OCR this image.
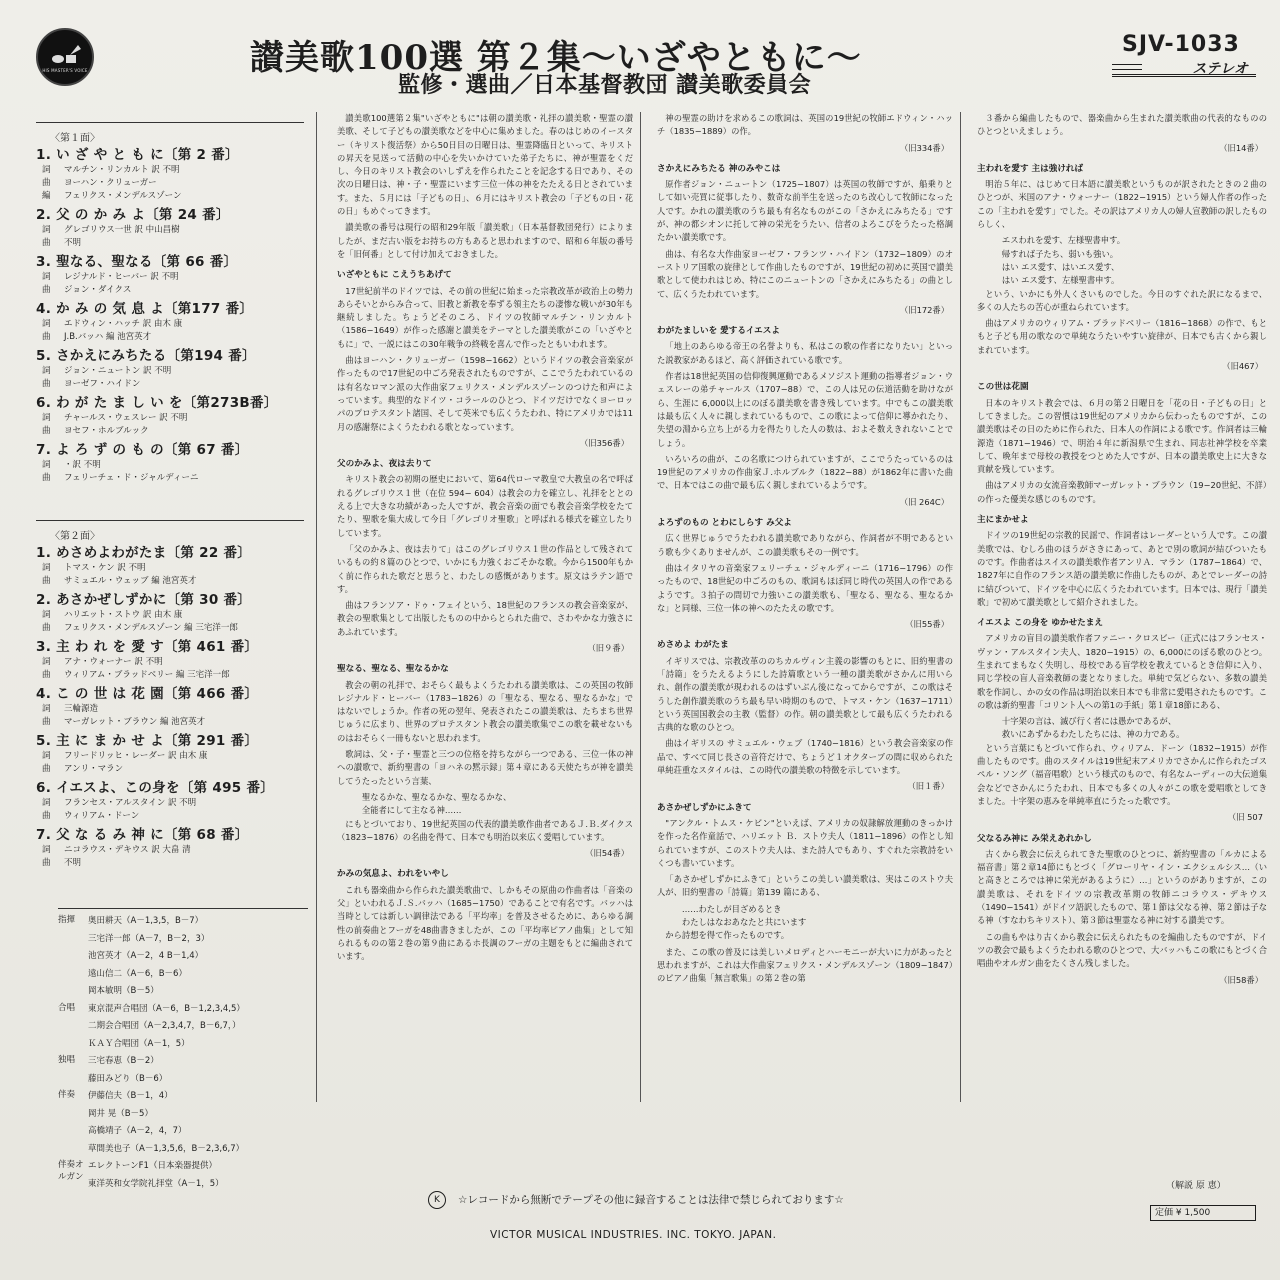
HIS MASTER'S VOICE	讃美歌100選 第２集〜いざやともに〜
監修・選曲／日本基督教団 讃美歌委員会
SJV-1033
ステレオ
〈第１面〉
1. い ざ や と も に〔第 2 番〕
詞 マルチン・リンカルト 訳 不明
曲 ヨーハン・クリューガー
編 フェリクス・メンデルスゾーン
2. 父 の か み よ〔第 24 番〕
詞 グレゴリウス一世 訳 中山昌樹
曲 不明
3. 聖なる、聖なる〔第 66 番〕
詞 レジナルド・ヒーバー 訳 不明
曲 ジョン・ダイクス
4. か み の 気 息 よ〔第177 番〕
詞 エドウィン・ハッチ 訳 由木 康
曲 J.B.バッハ 編 池宮英才
5. さかえにみちたる〔第194 番〕
詞 ジョン・ニュートン 訳 不明
曲 ヨーゼフ・ハイドン
6. わ が た ま し い を〔第273B番〕
詞 チャールス・ウェスレー 訳 不明
曲 ヨセフ・ホルブルック
7. よ ろ ず の も の〔第 67 番〕
詞 ・訳 不明
曲 フェリーチェ・ド・ジャルディーニ
〈第２面〉
1. めさめよわがたま〔第 22 番〕
詞 トマス・ケン 訳 不明
曲 サミュエル・ウェッブ 編 池宮英才
2. あさかぜしずかに〔第 30 番〕
詞 ハリエット・ストウ 訳 由木 康
曲 フェリクス・メンデルスゾーン 編 三宅洋一郎
3. 主 わ れ を 愛 す〔第 461 番〕
詞 アナ・ウォーナー 訳 不明
曲 ウィリアム・ブラッドベリー 編 三宅洋一郎
4. こ の 世 は 花 園〔第 466 番〕
詞 三輪源造
曲 マーガレット・ブラウン 編 池宮英才
5. 主 に ま か せ よ〔第 291 番〕
詞 フリードリッヒ・レーダー 訳 由木 康
曲 アンリ・マラン
6. イエスよ、この身を〔第 495 番〕
詞 フランセス・アルスタイン 訳 不明
曲 ウィリアム・ドーン
7. 父 な る み 神 に〔第 68 番〕
詞 ニコラウス・デキウス 訳 大畠 清
曲 不明
指揮	奥田耕天（A－1,3,5，B－7）
三宅洋一郎（A－7，B－2，3）
池宮英才（A－2，4 B－1,4）
遠山信二（A－6，B－6）
岡本敏明（B－5）
合唱	東京混声合唱団（A－6，B－1,2,3,4,5）
二期会合唱団（A－2,3,4,7，B－6,7，）
ＫＡＹ合唱団（A－1，5）
独唱	三宅春恵（B－2）
藤田みどり（B－6）
伴奏	伊藤信夫（B－1，4）
岡井 晃（B－5）
高橋靖子（A－2，4，7）
草間美也子（A－1,3,5,6，B－2,3,6,7）
伴奏オルガン
エレクトーンF1（日本楽器提供）
東洋英和女学院礼拝堂（A－1，5）

讃美歌100選第２集"いざやともに"は朝の讃美歌・礼拝の讃美歌・聖霊の讃美歌、そして子どもの讃美歌などを中心に集めました。春のはじめのイースター（キリスト復活祭）から50日目の日曜日は、聖霊降臨日といって、キリストの昇天を見送って活動の中心を失いかけていた弟子たちに、神が聖霊をくだし、今日のキリスト教会のいしずえを作られたことを記念する日であり、その次の日曜日は、神・子・聖霊にいます三位一体の神をたたえる日とされています。また、５月には「子どもの日」、６月にはキリスト教会の「子どもの日・花の日」もめぐってきます。

讃美歌の番号は現行の昭和29年版「讃美歌」（日本基督教団発行）によりましたが、まだ古い版をお持ちの方もあると思われますので、昭和６年版の番号を「旧何番」として付け加えておきました。

いざやともに こえうちあげて

17世紀前半のドイツでは、その前の世紀に始まった宗教改革が政治上の勢力あらそいとからみ合って、旧教と新教を奉ずる領主たちの凄惨な戦いが30年も継続しました。ちょうどそのころ、ドイツの牧師マルチン・リンカルト（1586−1649）が作った感謝と讃美をテーマとした讃美歌がこの「いざやともに」で、一説にはこの30年戦争の終戦を喜んで作ったともいわれます。

曲はヨーハン・クリューガー（1598−1662）というドイツの教会音楽家が作ったもので17世紀の中ごろ発表されたものですが、ここでうたわれているのは有名なロマン派の大作曲家フェリクス・メンデルスゾーンのつけた和声によっています。典型的なドイツ・コラールのひとつ、ドイツだけでなくヨーロッパのプロテスタント諸国、そして英米でも広くうたわれ、特にアメリカでは11月の感謝祭によくうたわれる歌となっています。

（旧356番）
父のかみよ、夜は去りて

キリスト教会の初期の歴史において、第64代ローマ教皇で大教皇の名で呼ばれるグレゴリウス１世（在位 594− 604）は教会の力を確立し、礼拝をととのえる上で大きな功績があった人ですが、教会音楽の面でも教会音楽学校をたてたり、聖歌を集大成して今日「グレゴリオ聖歌」と呼ばれる様式を確立したりしています。

「父のかみよ、夜は去りて」はこのグレゴリウス１世の作品として残されているもの約８篇のひとつで、いかにも力強くおごそかな歌。今から1500年もかく前に作られた歌だと思うと、わたしの感慨があります。原文はラテン語です。

曲はフランソア・ドゥ・フェイという、18世紀のフランスの教会音楽家が、教会の聖歌集として出版したものの中からとられた曲で、さわやかな力強さにあふれています。

（旧９番）
聖なる、聖なる、聖なるかな

教会の朝の礼拝で、おそらく最もよくうたわれる讃美歌は、この英国の牧師レジナルド・ヒーバー（1783−1826）の「聖なる、聖なる、聖なるかな」ではないでしょうか。作者の死の翌年、発表されたこの讃美歌は、たちまち世界じゅうに広まり、世界のプロテスタント教会の讃美歌集でこの歌を載せないものはおそらく一冊もないと思われます。

歌詞は、父・子・聖霊と三つの位格を持ちながら一つである、三位一体の神への讃歌で、新約聖書の「ヨハネの黙示録」第４章にある天使たちが神を讃美してうたったという言葉、

聖なるかな、聖なるかな、聖なるかな、

全能者にして主なる神……

にもとづいており、19世紀英国の代表的讃美歌作曲者であるＪ.Ｂ.ダイクス（1823−1876）の名曲を得て、日本でも明治以来広く愛唱しています。

（旧54番）
かみの気息よ、われをいやし

これも器楽曲から作られた讃美歌曲で、しかもその原曲の作曲者は「音楽の父」といわれるＪ.Ｓ.バッハ（1685−1750）であることで有名です。バッハは当時としては新しい調律法である「平均率」を普及させるために、あらゆる調性の前奏曲とフーガを48曲書きましたが、この「平均率ピアノ曲集」として知られるものの第２巻の第９曲にあるホ長調のフーガの主題をもとに編曲されています。

神の聖霊の助けを求めるこの歌詞は、英国の19世紀の牧師エドウィン・ハッチ（1835−1889）の作。

（旧334番）
さかえにみちたる 神のみやこは

原作者ジョン・ニュートン（1725−1807）は英国の牧師ですが、船乗りとして如い売買に従事したり、数奇な前半生を送ったのち改心して牧師になった人です。かれの讃美歌のうち最も有名なものがこの「さかえにみちたる」ですが、神の都シオンに托して神の栄光をうたい、信者のよろこびをうたった格調たかい讃美歌です。

曲は、有名な大作曲家ヨーゼフ・フランツ・ハイドン（1732−1809）のオーストリア国歌の旋律として作曲したものですが、19世紀の初めに英国で讃美歌として使われはじめ、特にこのニュートンの「さかえにみちたる」の曲として、広くうたわれています。

（旧172番）
わがたましいを 愛するイエスよ

「地上のあらゆる帝王の名誉よりも、私はこの歌の作者になりたい」といった説教家があるほど、高く評価されている歌です。

作者は18世紀英国の信仰復興運動であるメソジスト運動の指導者ジョン・ウェスレーの弟チャールス（1707−88）で、この人は兄の伝道活動を助けながら、生涯に 6,000以上にのぼる讃美歌を書き残しています。中でもこの讃美歌は最も広く人々に親しまれているもので、この歌によって信仰に導かれたり、失望の淵から立ち上がる力を得たりした人の数は、およそ数えきれないことでしょう。

いろいろの曲が、この名歌につけられていますが、ここでうたっているのは19世紀のアメリカの作曲家Ｊ.ホルブルク（1822−88）が1862年に書いた曲で、日本ではこの曲で最も広く親しまれているようです。

（旧 264C）
よろずのもの とわにしらす み父よ

広く世界じゅうでうたわれる讃美歌でありながら、作詞者が不明であるという歌も少くありませんが、この讃美歌もその一例です。

曲はイタリヤの音楽家フェリーチェ・ジャルディーニ（1716−1796）の作ったもので、18世紀の中ごろのもの、歌詞もほぼ同じ時代の英国人の作であるようです。３拍子の問切で力強いこの讃美歌も、「聖なる、聖なる、聖なるかな」と同様、三位一体の神へのたたえの歌です。

（旧55番）
めさめよ わがたま

イギリスでは、宗教改革ののちカルヴィン主義の影響のもとに、旧約聖書の「詩篇」をうたえるようにした詩篇歌という一種の讃美歌がさかんに用いられ、創作の讃美歌が現われるのはずいぶん後になってからですが、この歌はそうした創作讃美歌のうち最も早い時期のもので、トマス・ケン（1637−1711）という英国国教会の主教（監督）の作。朝の讃美歌として最も広くうたわれる古典的な歌のひとつ。

曲はイギリスの サミュエル・ウェブ（1740−1816）という教会音楽家の作品で、すべて同じ長さの音符だけで、ちょうど１オクターブの間に収められた単純荘重なスタイルは、この時代の讃美歌の特徴を示しています。

（旧１番）
あさかぜしずかにふきて

"アンクル・トムス・ケビン"といえば、アメリカの奴隷解放運動のきっかけを作った名作童話で、ハリエット Ｂ．ストウ夫人（1811−1896）の作とし知られていますが、このストウ夫人は、また詩人でもあり、すぐれた宗教詩をいくつも書いています。

「あさかぜしずかにふきて」というこの美しい讃美歌は、実はこのストウ夫人が、旧約聖書の「詩篇」第139 篇にある、

……わたしが目ざめるとき

わたしはなおあなたと共にいます

から詩想を得て作ったものです。

また、この歌の普及には美しいメロディとハーモニーが大いに力があったと思われますが、これは大作曲家フェリクス・メンデルスゾーン（1809−1847）のピアノ曲集「無言歌集」の第２巻の第

３番から編曲したもので、器楽曲から生まれた讃美歌曲の代表的なもののひとつといえましょう。

（旧14番）
主われを愛す 主は強ければ

明治５年に、はじめて日本語に讃美歌というものが訳されたときの２曲のひとつが、米国のアナ・ウォーナー（1822−1915）という婦人作者の作ったこの「主われを愛す」でした。その訳はアメリカ人の婦人宣教師の訳したものらしく、

エスわれを愛す、左様聖書申す。

帰すれば子たち、弱いも強い。

はい エス愛す、はいエス愛す、

はい エス愛す、左様聖書申す。

という、いかにも外人くさいものでした。今日のすぐれた訳になるまで、多くの人たちの苦心が重ねられています。

曲はアメリカのウィリアム・ブラッドベリー（1816−1868）の作で、もともと子ども用の歌なので単純なうたいやすい旋律が、日本でも古くから親しまれています。

（旧467）
この世は花園

日本のキリスト教会では、６月の第２日曜日を「花の日・子どもの日」としてきました。この習慣は19世紀のアメリカから伝わったものですが、この讃美歌はその日のために作られた、日本人の作詞による歌です。作詞者は三輪源造（1871−1946）で、明治４年に新潟県で生まれ、同志社神学校を卒業して、晩年まで母校の教授をつとめた人ですが、日本の讃美歌史上に大きな貢献を残しています。

曲はアメリカの女流音楽教師マーガレット・ブラウン（19−20世紀、不詳）の作った優美な感じのものです。

主にまかせよ

ドイツの19世紀の宗教的民謡で、作詞者はレーダーという人です。この讃美歌では、むしろ曲のほうがさきにあって、あとで別の歌詞が結びついたものです。作曲者はスイスの讃美歌作者アンリＡ．マラン（1787−1864）で、1827年に自作のフランス語の讃美歌に作曲したものが、あとでレーダーの詩に結びついて、ドイツを中心に広くうたわれています。日本では、現行「讃美歌」で初めて讃美歌として紹介されました。

イエスよ この身を ゆかせたまえ

アメリカの盲目の讃美歌作者ファニー・クロスビー（正式にはフランセス・ヴァン・アルスタイン夫人、1820−1915）の、6,000にのぼる歌のひとつ。生まれてまもなく失明し、母校である盲学校を教えているとき信仰に入り、同じ学校の盲人音楽教師の妻となりました。単純で気どらない、多数の讃美歌を作詞し、かの女の作品は明治以来日本でも非常に愛唱されたものです。この歌は新約聖書「コリント人への第1の手紙」第１章18節にある、

十字架の言は、滅び行く者には愚かであるが、

救いにあずかるわたしたちには、神の力である。

という言葉にもとづいて作られ、ウィリアム．ドーン（1832−1915）が作曲したものです。曲のスタイルは19世紀末アメリカでさかんに作られたゴスペル・ソング（福音唱歌）という様式のもので、有名なムーディーの大伝道集会などでさかんにうたわれ、日本でも多くの人々がこの歌を愛唱歌としてきました。十字架の恵みを単純率直にうたった歌です。

（旧 507
父なるみ神に み栄えあれかし

古くから教会に伝えられてきた聖歌のひとつに、新約聖書の「ルカによる福音書」第２章14節にもとづく「グローリヤ・イン・エクシェルシス…（いと高きところでは神に栄光があるように）…」というのがありますが、この讃美歌は、それをドイツの宗教改革期の牧師ニコラウス・デキウス（1490−1541）がドイツ語訳したもので、第１節は父なる神、第２節は子なる神（すなわちキリスト）、第３節は聖霊なる神に対する讃美です。

この曲もやはり古くから教会に伝えられたものを編曲したものですが、ドイツの教会で最もよくうたわれる歌のひとつで、大バッハもこの歌にもとづく合唱曲やオルガン曲をたくさん残しました。

（旧58番）
（解説 原 恵）
K	☆レコードから無断でテープその他に録音することは法律で禁じられております☆
VICTOR MUSICAL INDUSTRIES. INC. TOKYO. JAPAN.
定価 ¥ 1,500
